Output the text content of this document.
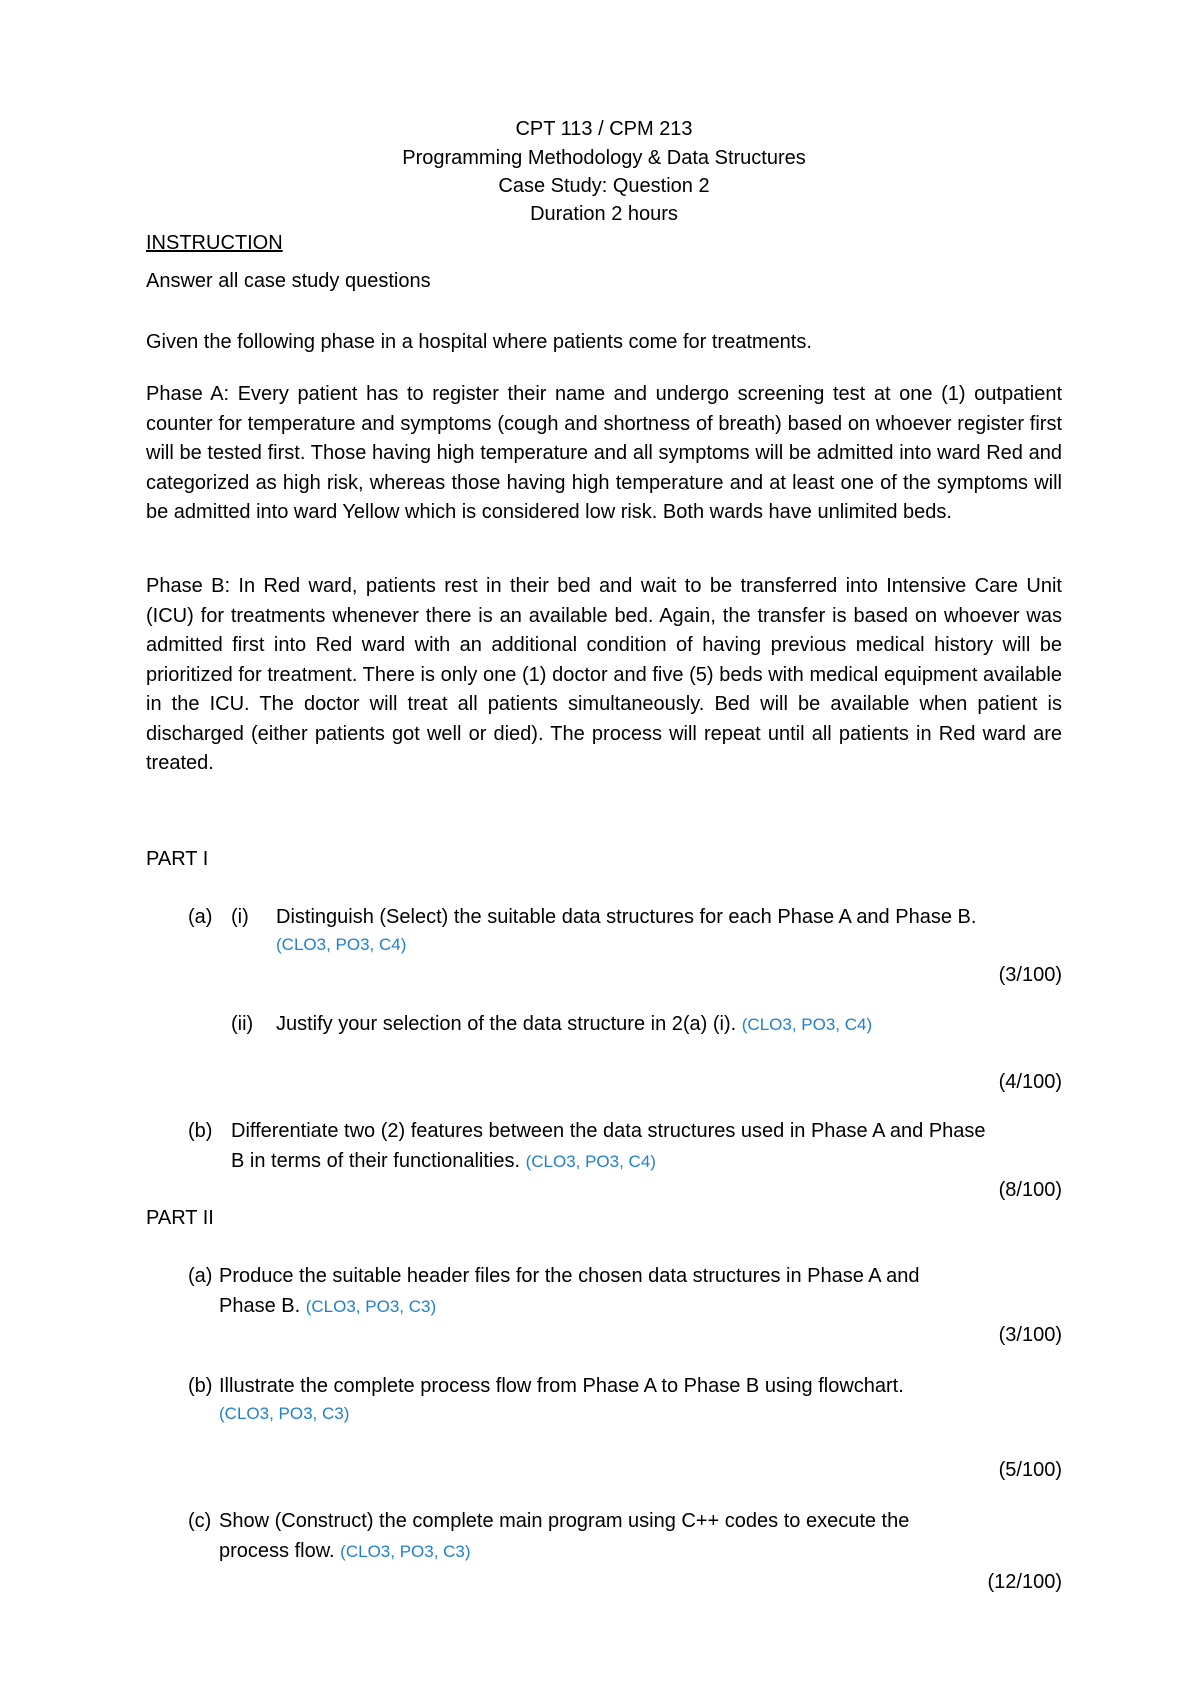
CPT 113 / CPM 213
Programming Methodology & Data Structures
Case Study: Question 2
Duration 2 hours
INSTRUCTION
Answer all case study questions
Given the following phase in a hospital where patients come for treatments.
Phase A: Every patient has to register their name and undergo screening test at one (1) outpatient counter for temperature and symptoms (cough and shortness of breath) based on whoever register first will be tested first. Those having high temperature and all symptoms will be admitted into ward Red and categorized as high risk, whereas those having high temperature and at least one of the symptoms will be admitted into ward Yellow which is considered low risk. Both wards have unlimited beds.
Phase B: In Red ward, patients rest in their bed and wait to be transferred into Intensive Care Unit (ICU) for treatments whenever there is an available bed. Again, the transfer is based on whoever was admitted first into Red ward with an additional condition of having previous medical history will be prioritized for treatment. There is only one (1) doctor and five (5) beds with medical equipment available in the ICU. The doctor will treat all patients simultaneously. Bed will be available when patient is discharged (either patients got well or died). The process will repeat until all patients in Red ward are treated.
PART I
(a) (i) Distinguish (Select) the suitable data structures for each Phase A and Phase B.
(CLO3, PO3, C4)
(3/100)
(ii) Justify your selection of the data structure in 2(a) (i). (CLO3, PO3, C4)
(4/100)
(b) Differentiate two (2) features between the data structures used in Phase A and Phase
B in terms of their functionalities. (CLO3, PO3, C4)
(8/100)
PART II
(a) Produce the suitable header files for the chosen data structures in Phase A and
Phase B. (CLO3, PO3, C3)
(3/100)
(b) Illustrate the complete process flow from Phase A to Phase B using flowchart.
(CLO3, PO3, C3)
(5/100)
(c) Show (Construct) the complete main program using C++ codes to execute the
process flow. (CLO3, PO3, C3)
(12/100)
